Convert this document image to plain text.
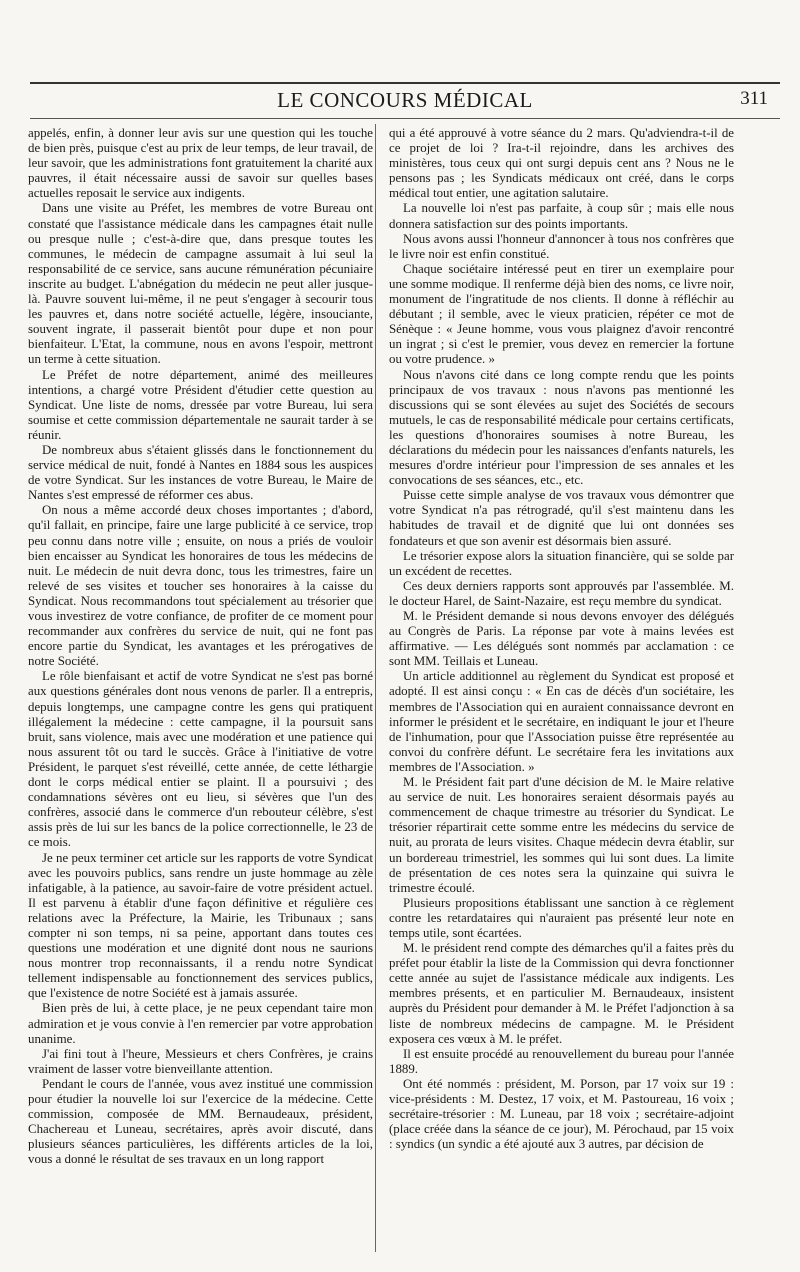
LE CONCOURS MÉDICAL	311

appelés, enfin, à donner leur avis sur une question qui les touche de bien près, puisque c'est au prix de leur temps, de leur travail, de leur savoir, que les administrations font gratuitement la charité aux pauvres, il était nécessaire aussi de savoir sur quelles bases actuelles reposait le service aux indigents.

Dans une visite au Préfet, les membres de votre Bureau ont constaté que l'assistance médicale dans les campagnes était nulle ou presque nulle ; c'est-à-dire que, dans presque toutes les communes, le médecin de campagne assumait à lui seul la responsabilité de ce service, sans aucune rémunération pécuniaire inscrite au budget. L'abnégation du médecin ne peut aller jusque-là. Pauvre souvent lui-même, il ne peut s'engager à secourir tous les pauvres et, dans notre société actuelle, légère, insouciante, souvent ingrate, il passerait bientôt pour dupe et non pour bienfaiteur. L'Etat, la commune, nous en avons l'espoir, mettront un terme à cette situation.

Le Préfet de notre département, animé des meilleures intentions, a chargé votre Président d'étudier cette question au Syndicat. Une liste de noms, dressée par votre Bureau, lui sera soumise et cette commission départementale ne saurait tarder à se réunir.

De nombreux abus s'étaient glissés dans le fonctionnement du service médical de nuit, fondé à Nantes en 1884 sous les auspices de votre Syndicat. Sur les instances de votre Bureau, le Maire de Nantes s'est empressé de réformer ces abus.

On nous a même accordé deux choses importantes ; d'abord, qu'il fallait, en principe, faire une large publicité à ce service, trop peu connu dans notre ville ; ensuite, on nous a priés de vouloir bien encaisser au Syndicat les honoraires de tous les médecins de nuit. Le médecin de nuit devra donc, tous les trimestres, faire un relevé de ses visites et toucher ses honoraires à la caisse du Syndicat. Nous recommandons tout spécialement au trésorier que vous investirez de votre confiance, de profiter de ce moment pour recommander aux confrères du service de nuit, qui ne font pas encore partie du Syndicat, les avantages et les prérogatives de notre Société.

Le rôle bienfaisant et actif de votre Syndicat ne s'est pas borné aux questions générales dont nous venons de parler. Il a entrepris, depuis longtemps, une campagne contre les gens qui pratiquent illégalement la médecine : cette campagne, il la poursuit sans bruit, sans violence, mais avec une modération et une patience qui nous assurent tôt ou tard le succès. Grâce à l'initiative de votre Président, le parquet s'est réveillé, cette année, de cette léthargie dont le corps médical entier se plaint. Il a poursuivi ; des condamnations sévères ont eu lieu, si sévères que l'un des confrères, associé dans le commerce d'un rebouteur célèbre, s'est assis près de lui sur les bancs de la police correctionnelle, le 23 de ce mois.

Je ne peux terminer cet article sur les rapports de votre Syndicat avec les pouvoirs publics, sans rendre un juste hommage au zèle infatigable, à la patience, au savoir-faire de votre président actuel. Il est parvenu à établir d'une façon définitive et régulière ces relations avec la Préfecture, la Mairie, les Tribunaux ; sans compter ni son temps, ni sa peine, apportant dans toutes ces questions une modération et une dignité dont nous ne saurions nous montrer trop reconnaissants, il a rendu notre Syndicat tellement indispensable au fonctionnement des services publics, que l'existence de notre Société est à jamais assurée.

Bien près de lui, à cette place, je ne peux cependant taire mon admiration et je vous convie à l'en remercier par votre approbation unanime.

J'ai fini tout à l'heure, Messieurs et chers Confrères, je crains vraiment de lasser votre bienveillante attention.

Pendant le cours de l'année, vous avez institué une commission pour étudier la nouvelle loi sur l'exercice de la médecine. Cette commission, composée de MM. Bernaudeaux, président, Chachereau et Luneau, secrétaires, après avoir discuté, dans plusieurs séances particulières, les différents articles de la loi, vous a donné le résultat de ses travaux en un long rapport

qui a été approuvé à votre séance du 2 mars. Qu'adviendra-t-il de ce projet de loi ? Ira-t-il rejoindre, dans les archives des ministères, tous ceux qui ont surgi depuis cent ans ? Nous ne le pensons pas ; les Syndicats médicaux ont créé, dans le corps médical tout entier, une agitation salutaire.

La nouvelle loi n'est pas parfaite, à coup sûr ; mais elle nous donnera satisfaction sur des points importants.

Nous avons aussi l'honneur d'annoncer à tous nos confrères que le livre noir est enfin constitué.

Chaque sociétaire intéressé peut en tirer un exemplaire pour une somme modique. Il renferme déjà bien des noms, ce livre noir, monument de l'ingratitude de nos clients. Il donne à réfléchir au débutant ; il semble, avec le vieux praticien, répéter ce mot de Sénèque : « Jeune homme, vous vous plaignez d'avoir rencontré un ingrat ; si c'est le premier, vous devez en remercier la fortune ou votre prudence. »

Nous n'avons cité dans ce long compte rendu que les points principaux de vos travaux : nous n'avons pas mentionné les discussions qui se sont élevées au sujet des Sociétés de secours mutuels, le cas de responsabilité médicale pour certains certificats, les questions d'honoraires soumises à notre Bureau, les déclarations du médecin pour les naissances d'enfants naturels, les mesures d'ordre intérieur pour l'impression de ses annales et les convocations de ses séances, etc., etc.

Puisse cette simple analyse de vos travaux vous démontrer que votre Syndicat n'a pas rétrogradé, qu'il s'est maintenu dans les habitudes de travail et de dignité que lui ont données ses fondateurs et que son avenir est désormais bien assuré.

Le trésorier expose alors la situation financière, qui se solde par un excédent de recettes.

Ces deux derniers rapports sont approuvés par l'assemblée. M. le docteur Harel, de Saint-Nazaire, est reçu membre du syndicat.

M. le Président demande si nous devons envoyer des délégués au Congrès de Paris. La réponse par vote à mains levées est affirmative. — Les délégués sont nommés par acclamation : ce sont MM. Teillais et Luneau.

Un article additionnel au règlement du Syndicat est proposé et adopté. Il est ainsi conçu : « En cas de décès d'un sociétaire, les membres de l'Association qui en auraient connaissance devront en informer le président et le secrétaire, en indiquant le jour et l'heure de l'inhumation, pour que l'Association puisse être représentée au convoi du confrère défunt. Le secrétaire fera les invitations aux membres de l'Association. »

M. le Président fait part d'une décision de M. le Maire relative au service de nuit. Les honoraires seraient désormais payés au commencement de chaque trimestre au trésorier du Syndicat. Le trésorier répartirait cette somme entre les médecins du service de nuit, au prorata de leurs visites. Chaque médecin devra établir, sur un bordereau trimestriel, les sommes qui lui sont dues. La limite de présentation de ces notes sera la quinzaine qui suivra le trimestre écoulé.

Plusieurs propositions établissant une sanction à ce règlement contre les retardataires qui n'auraient pas présenté leur note en temps utile, sont écartées.

M. le président rend compte des démarches qu'il a faites près du préfet pour établir la liste de la Commission qui devra fonctionner cette année au sujet de l'assistance médicale aux indigents. Les membres présents, et en particulier M. Bernaudeaux, insistent auprès du Président pour demander à M. le Préfet l'adjonction à sa liste de nombreux médecins de campagne. M. le Président exposera ces vœux à M. le préfet.

Il est ensuite procédé au renouvellement du bureau pour l'année 1889.

Ont été nommés : président, M. Porson, par 17 voix sur 19 : vice-présidents : M. Destez, 17 voix, et M. Pastoureau, 16 voix ; secrétaire-trésorier : M. Luneau, par 18 voix ; secrétaire-adjoint (place créée dans la séance de ce jour), M. Pérochaud, par 15 voix : syndics (un syndic a été ajouté aux 3 autres, par décision de
